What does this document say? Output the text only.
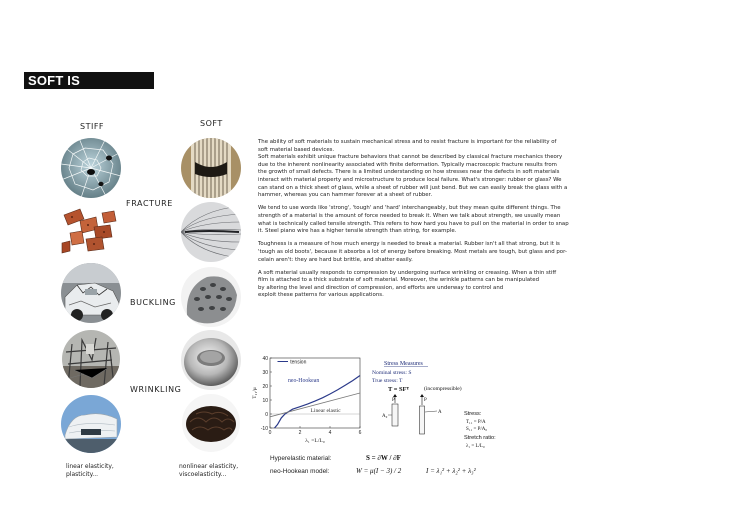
SOFT IS ANTIFRAGILE
STIFF	SOFT
FRACTURE
BUCKLING
WRINKLING
linear elasticity,
plasticity...
nonlinear elasticity,
viscoelasticity...

The ability of soft materials to sustain mechanical stress and to resist fracture is important for the reliability of
soft material based devices.
Soft materials exhibit unique fracture behaviors that cannot be described by classical fracture mechanics theory
due to the inherent nonlinearity associated with finite deformation. Typically macroscopic fracture results from
the growth of small defects. There is a limited understanding on how stresses near the defects in soft materials
interact with material property and microstructure to produce local failure. What's stronger: rubber or glass? We
can stand on a thick sheet of glass, while a sheet of rubber will just bend. But we can easily break the glass with a
hammer, whereas you can hammer forever at a sheet of rubber.

We tend to use words like 'strong', 'tough' and 'hard' interchangeably, but they mean quite different things. The
strength of a material is the amount of force needed to break it. When we talk about strength, we usually mean
what is technically called tensile strength. This refers to how hard you have to pull on the material in order to snap
it. Steel piano wire has a higher tensile strength than string, for example.

Toughness is a measure of how much energy is needed to break a material. Rubber isn't all that strong, but it is
'tough as old boots', because it absorbs a lot of energy before breaking. Most metals are tough, but glass and por-
celain aren't: they are hard but brittle, and shatter easily.

A soft material usually responds to compression by undergoing surface wrinkling or creasing. When a thin stiff
film is attached to a thick substrate of soft material. Moreover, the wrinkle patterns can be manipulated
by altering the level and direction of compression, and efforts are underway to control and
exploit these patterns for various applications.

-10
0
10
20
30
40
0	2	4	6
neo-Hookean
Linear elastic
tension
T₁₁/μ
λ₁ =L/L₀
Stress Measures
Nominal stress: S
True stress: T
T = SFᵀ	(incompressible)
P
A₀
P
A	Stress:
T₁₁ = P/A
S₁₁ = P/A₀
Stretch ratio:
λ₁ = L/L₀
Hyperelastic material:	S = ∂W / ∂F
neo-Hookean model:	W = μ(I − 3) / 2	I = λ₁² + λ₂² + λ₃²
